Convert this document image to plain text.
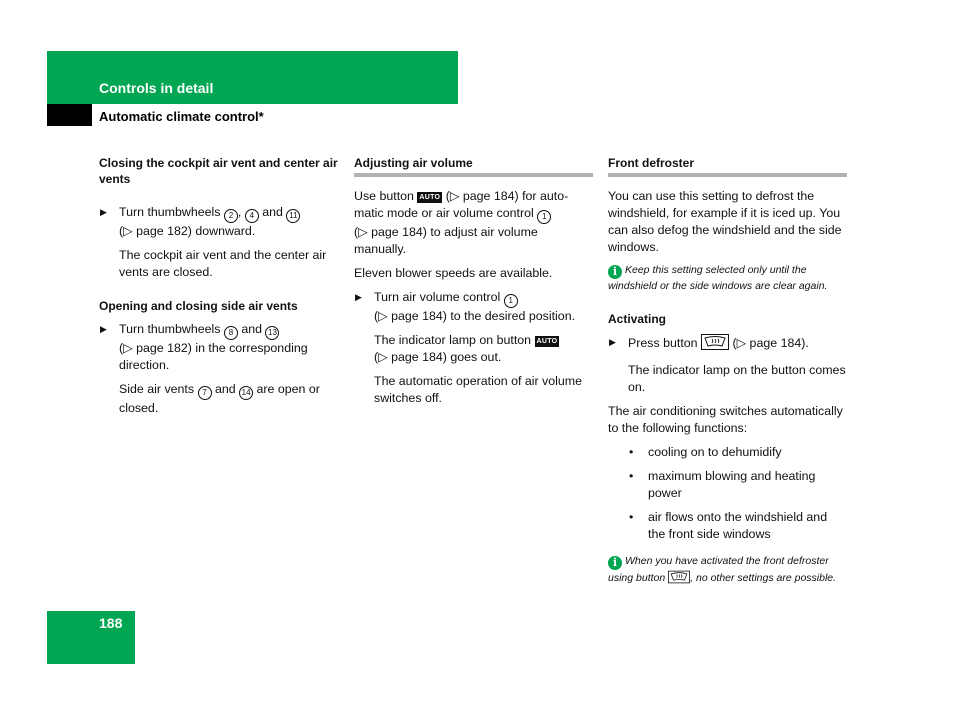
Controls in detail
Automatic climate control*
Closing the cockpit air vent and center air vents
▶ Turn thumbwheels 2 , 4 and 11
(▷ page 182) downward.
The cockpit air vent and the center air vents are closed.
Opening and closing side air vents
▶ Turn thumbwheels 8 and 13
(▷ page 182) in the corresponding direction.
Side air vents 7 and 14 are open or closed.
Adjusting air volume

Use button AUTO (▷ page 184) for auto-matic mode or air volume control 1
(▷ page 184) to adjust air volume manually.

Eleven blower speeds are available.

▶ Turn air volume control 1
(▷ page 184) to the desired position.
The indicator lamp on button AUTO
(▷ page 184) goes out.
The automatic operation of air volume switches off.
Front defroster

You can use this setting to defrost the windshield, for example if it is iced up. You can also defog the windshield and the side windows.

i Keep this setting selected only until the windshield or the side windows are clear again.
Activating
▶ Press button  (▷ page 184).
The indicator lamp on the button comes on.

The air conditioning switches automatically to the following functions:

• cooling on to dehumidify
• maximum blowing and heating power
• air flows onto the windshield and the front side windows
i When you have activated the front defroster using button , no other settings are possible.
188
